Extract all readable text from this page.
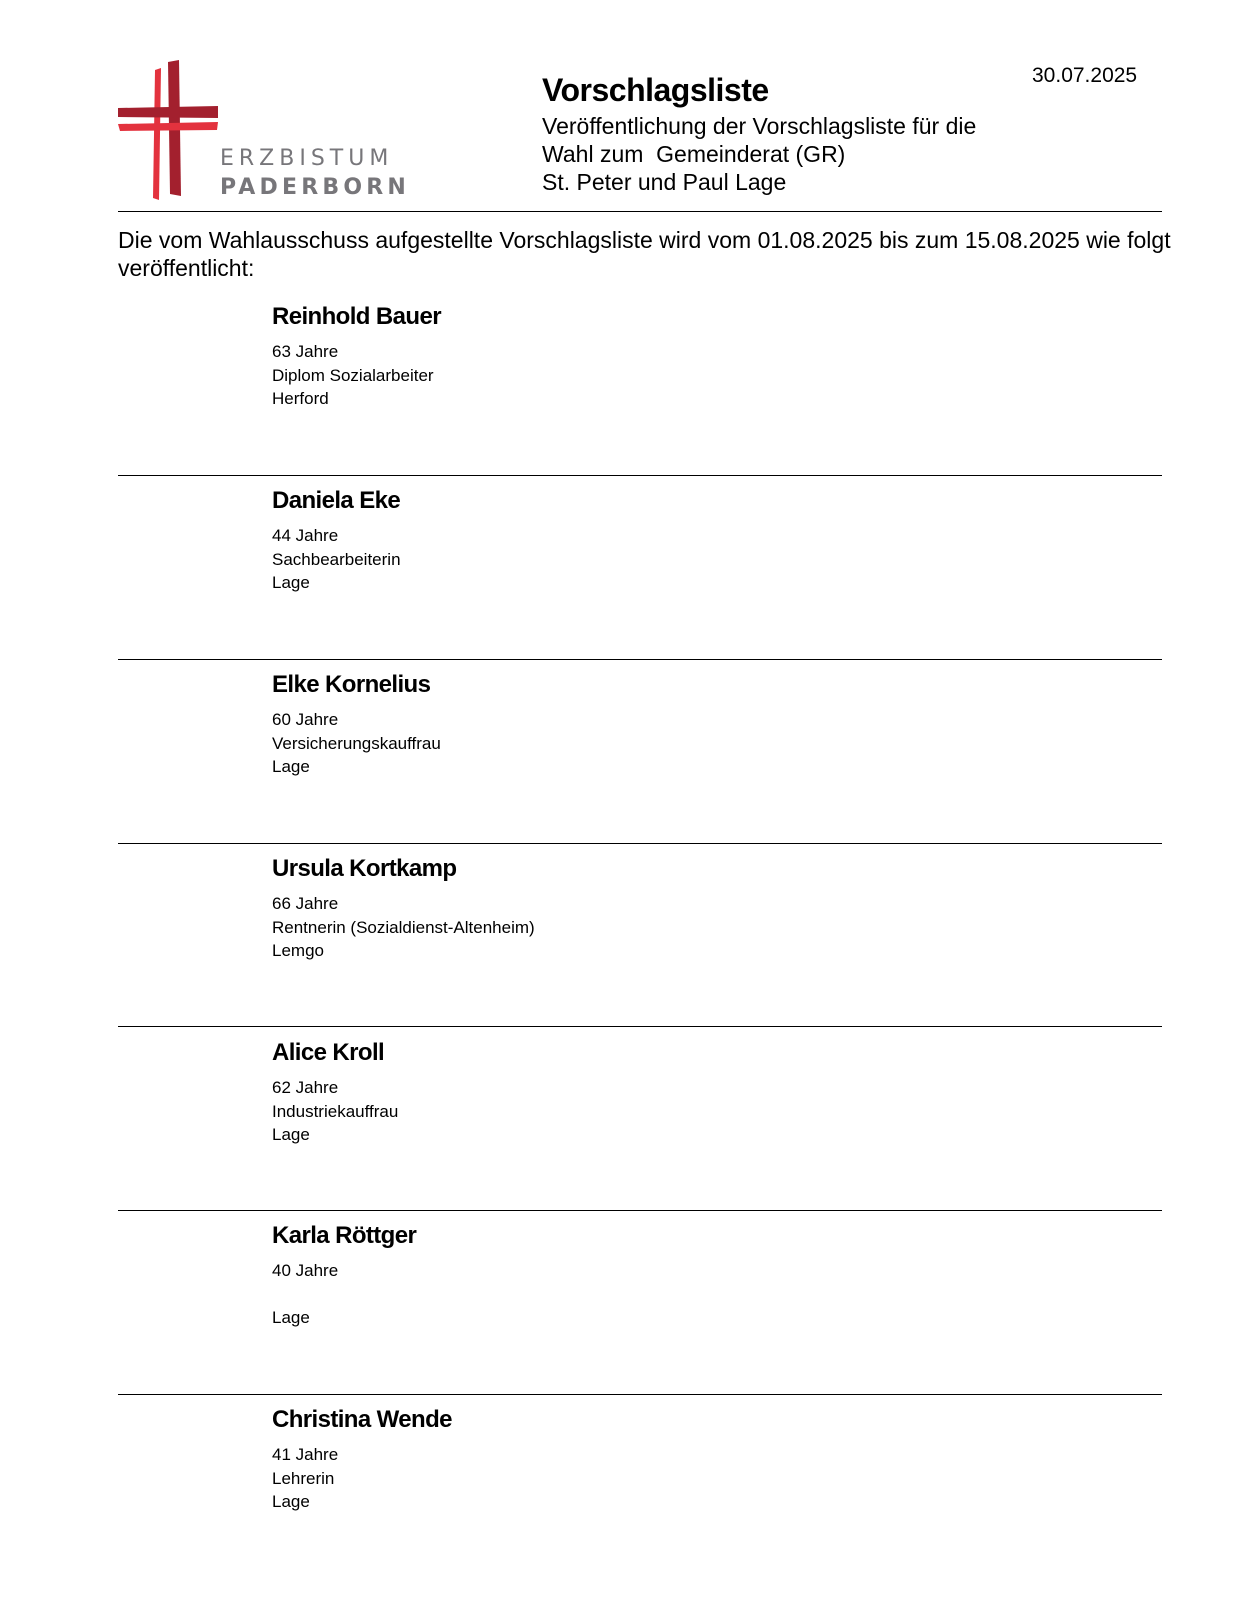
ERZBISTUM
PADERBORN
30.07.2025
Vorschlagsliste
Veröffentlichung der Vorschlagsliste für die
Wahl zum  Gemeinderat (GR)
St. Peter und Paul Lage
Die vom Wahlausschuss aufgestellte Vorschlagsliste wird vom 01.08.2025 bis zum 15.08.2025 wie folgt veröffentlicht:
Reinhold Bauer
63 Jahre
Diplom Sozialarbeiter
Herford
Daniela Eke
44 Jahre
Sachbearbeiterin
Lage
Elke Kornelius
60 Jahre
Versicherungskauffrau
Lage
Ursula Kortkamp
66 Jahre
Rentnerin (Sozialdienst-Altenheim)
Lemgo
Alice Kroll
62 Jahre
Industriekauffrau
Lage
Karla Röttger
40 Jahre
Lage
Christina Wende
41 Jahre
Lehrerin
Lage
